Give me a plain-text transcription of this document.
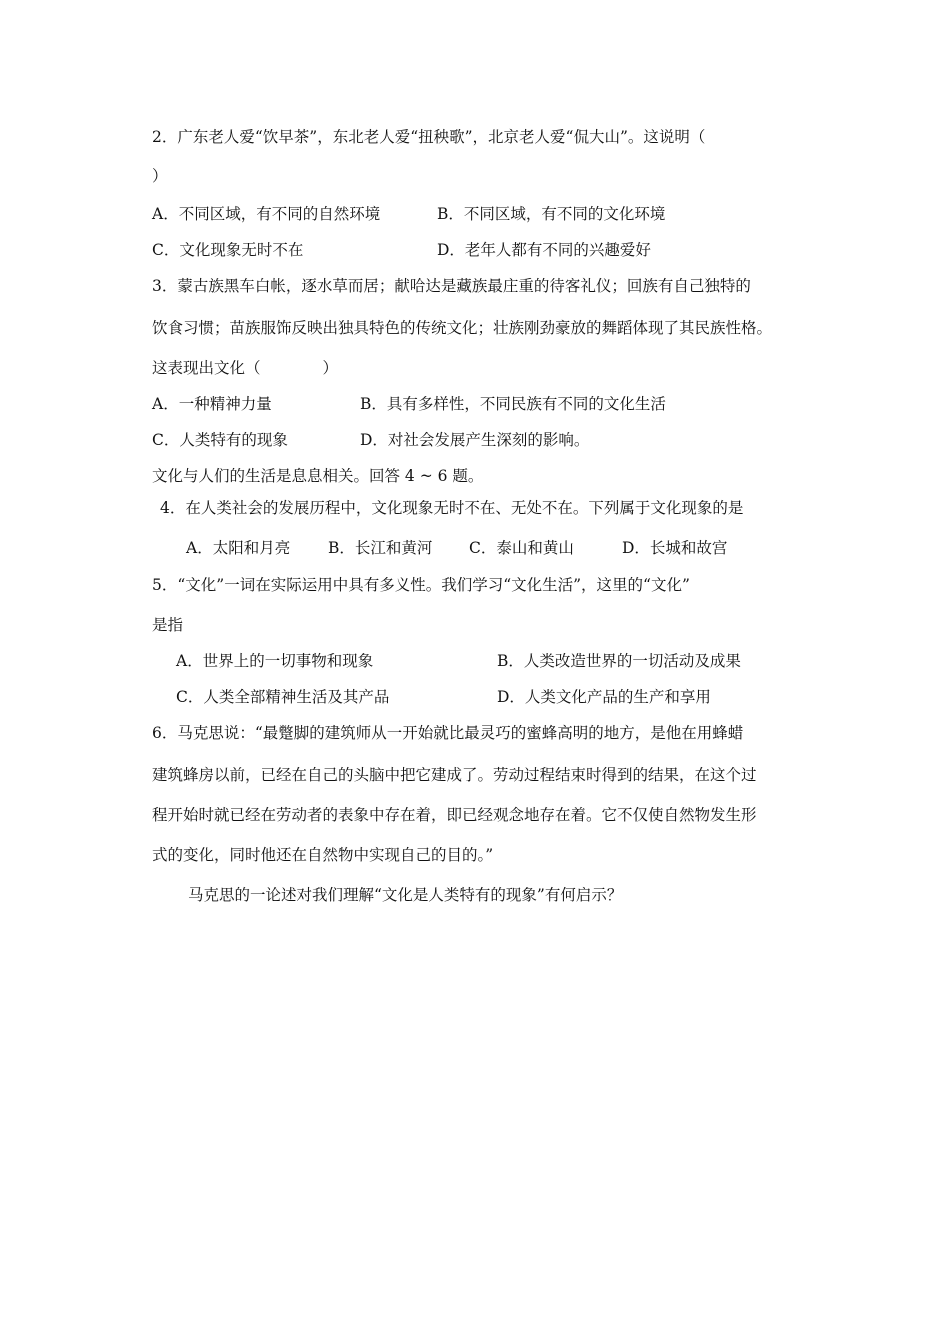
2．广东老人爱“饮早茶”，东北老人爱“扭秧歌”，北京老人爱“侃大山”。这说明（
）
A．不同区域，有不同的自然环境	B．不同区域，有不同的文化环境
C．文化现象无时不在	D．老年人都有不同的兴趣爱好
3．蒙古族黑车白帐，逐水草而居；献哈达是藏族最庄重的待客礼仪；回族有自己独特的
饮食习惯；苗族服饰反映出独具特色的传统文化；壮族刚劲豪放的舞蹈体现了其民族性格。
这表现出文化（　　　　）
A．一种精神力量	B．具有多样性，不同民族有不同的文化生活
C．人类特有的现象	D．对社会发展产生深刻的影响。
文化与人们的生活是息息相关。回答 4 ~ 6 题。
4．在人类社会的发展历程中，文化现象无时不在、无处不在。下列属于文化现象的是
A．太阳和月亮 B．长江和黄河 C．泰山和黄山	D．长城和故宫
5．“文化”一词在实际运用中具有多义性。我们学习“文化生活”，这里的“文化”
是指
A．世界上的一切事物和现象	B．人类改造世界的一切活动及成果
C．人类全部精神生活及其产品	D．人类文化产品的生产和享用
6．马克思说：“最蹩脚的建筑师从一开始就比最灵巧的蜜蜂高明的地方，是他在用蜂蜡
建筑蜂房以前，已经在自己的头脑中把它建成了。劳动过程结束时得到的结果，在这个过
程开始时就已经在劳动者的表象中存在着，即已经观念地存在着。它不仅使自然物发生形
式的变化，同时他还在自然物中实现自己的目的。”
马克思的一论述对我们理解“文化是人类特有的现象”有何启示？
